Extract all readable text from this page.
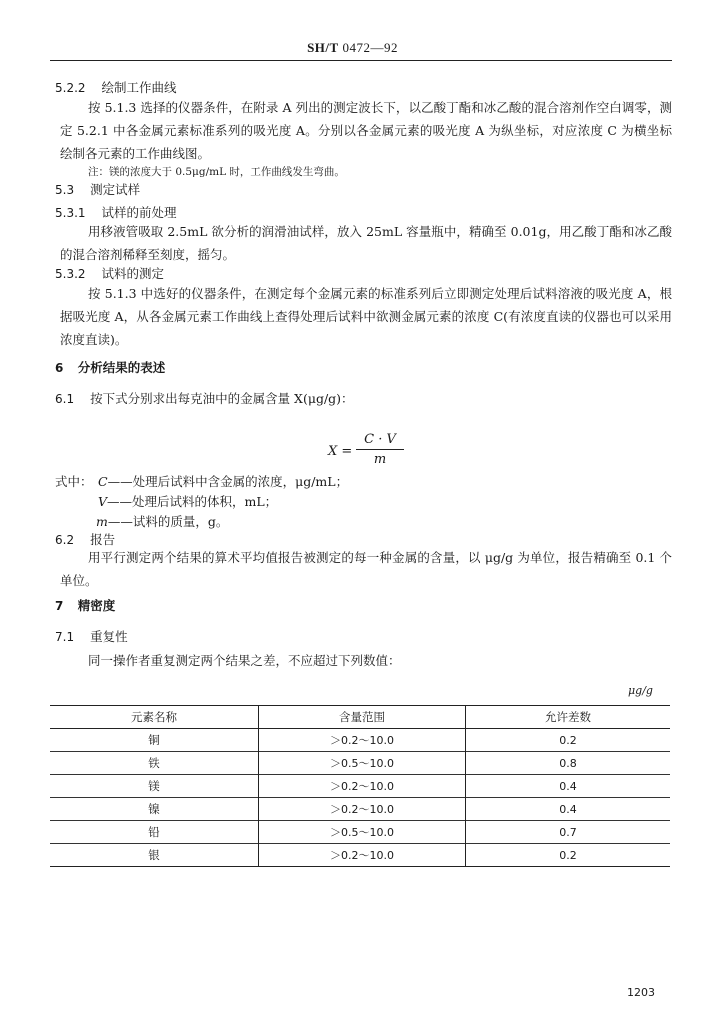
SH/T 0472—92
5.2.2 绘制工作曲线
按 5.1.3 选择的仪器条件，在附录 A 列出的测定波长下，以乙酸丁酯和冰乙酸的混合溶剂作空白调零，测定 5.2.1 中各金属元素标准系列的吸光度 A。分别以各金属元素的吸光度 A 为纵坐标，对应浓度 C 为横坐标绘制各元素的工作曲线图。
注：镁的浓度大于 0.5μg/mL 时，工作曲线发生弯曲。
5.3 测定试样
5.3.1 试样的前处理
用移液管吸取 2.5mL 欲分析的润滑油试样，放入 25mL 容量瓶中，精确至 0.01g，用乙酸丁酯和冰乙酸的混合溶剂稀释至刻度，摇匀。
5.3.2 试料的测定
按 5.1.3 中选好的仪器条件，在测定每个金属元素的标准系列后立即测定处理后试料溶液的吸光度 A，根据吸光度 A，从各金属元素工作曲线上查得处理后试料中欲测金属元素的浓度 C(有浓度直读的仪器也可以采用浓度直读)。
6 分析结果的表述
6.1 按下式分别求出每克油中的金属含量 X(μg/g)：
X =
C · V
m
式中： C——处理后试料中含金属的浓度，μg/mL；
V——处理后试料的体积，mL；
m——试料的质量，g。
6.2 报告
用平行测定两个结果的算术平均值报告被测定的每一种金属的含量，以 μg/g 为单位，报告精确至 0.1 个单位。
7 精密度
7.1 重复性
同一操作者重复测定两个结果之差，不应超过下列数值：
μg/g
元素名称	含量范围	允许差数
铜	＞0.2～10.0	0.2
铁	＞0.5～10.0	0.8
镁	＞0.2～10.0	0.4
镍	＞0.2～10.0	0.4
铅	＞0.5～10.0	0.7
银	＞0.2～10.0	0.2
1203
